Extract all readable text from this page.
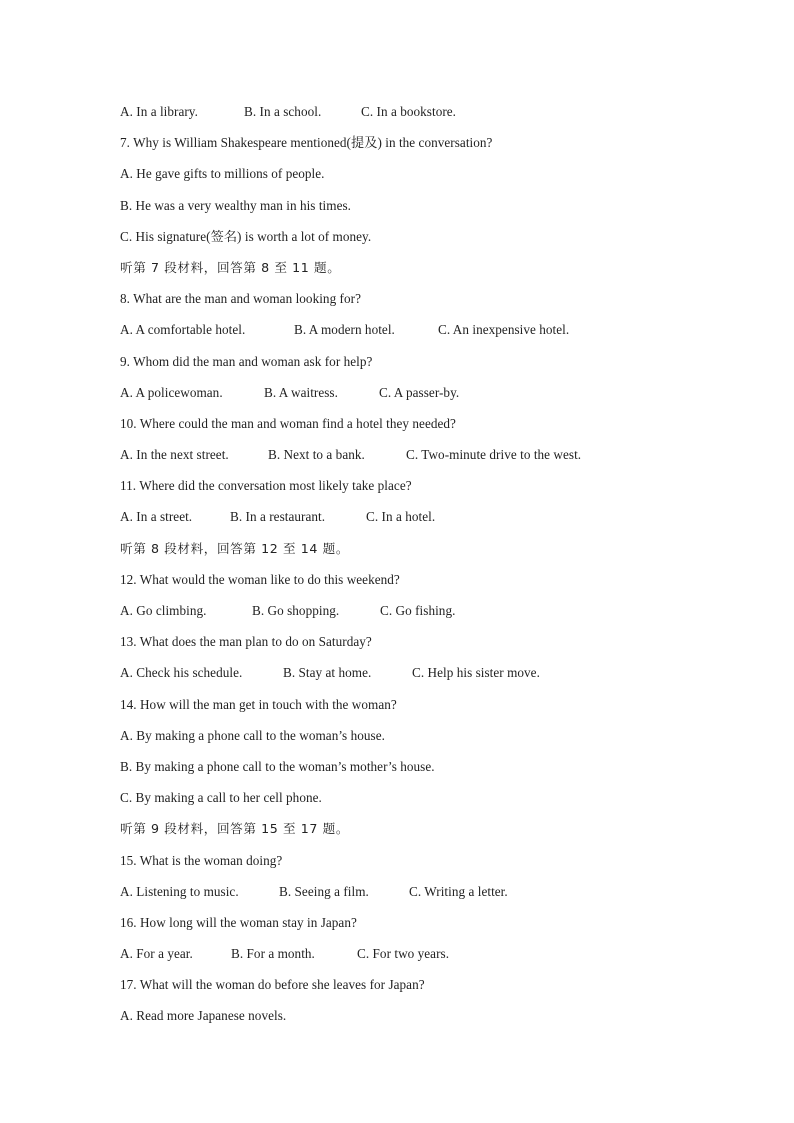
A. In a library.	B. In a school.	C. In a bookstore.
7. Why is William Shakespeare mentioned(提及) in the conversation?
A. He gave gifts to millions of people.
B. He was a very wealthy man in his times.
C. His signature(签名) is worth a lot of money.
听第 7 段材料，回答第 8 至 11 题。
8. What are the man and woman looking for?
A. A comfortable hotel.	B. A modern hotel.	C. An inexpensive hotel.
9. Whom did the man and woman ask for help?
A. A policewoman.	B. A waitress.	C. A passer-by.
10. Where could the man and woman find a hotel they needed?
A. In the next street.	B. Next to a bank.	C. Two-minute drive to the west.
11. Where did the conversation most likely take place?
A. In a street.	B. In a restaurant.	C. In a hotel.
听第 8 段材料，回答第 12 至 14 题。
12. What would the woman like to do this weekend?
A. Go climbing.	B. Go shopping.	C. Go fishing.
13. What does the man plan to do on Saturday?
A. Check his schedule.	B. Stay at home.	C. Help his sister move.
14. How will the man get in touch with the woman?
A. By making a phone call to the woman’s house.
B. By making a phone call to the woman’s mother’s house.
C. By making a call to her cell phone.
听第 9 段材料，回答第 15 至 17 题。
15. What is the woman doing?
A. Listening to music.	B. Seeing a film.	C. Writing a letter.
16. How long will the woman stay in Japan?
A. For a year.	B. For a month.	C. For two years.
17. What will the woman do before she leaves for Japan?
A. Read more Japanese novels.
